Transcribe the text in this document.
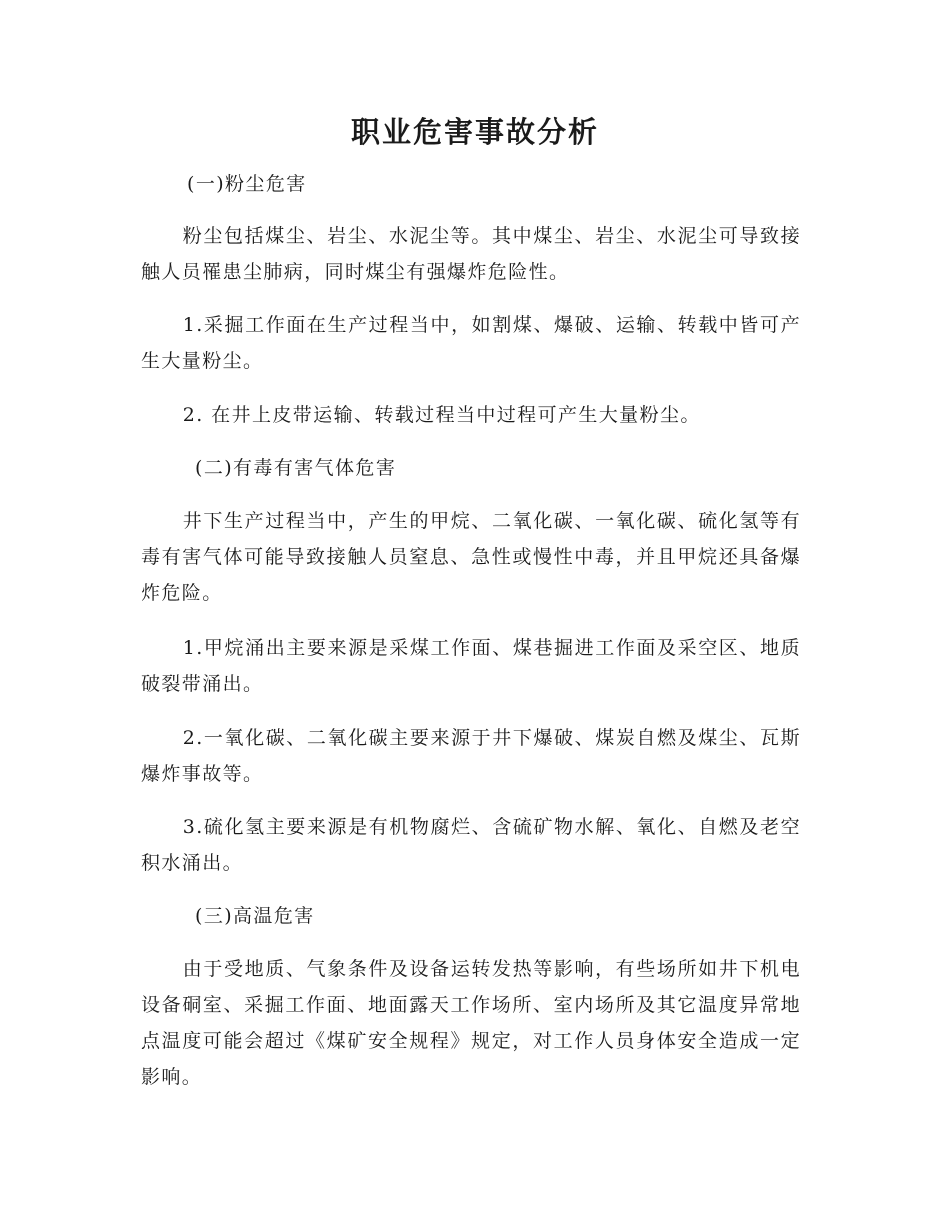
职业危害事故分析
(一)粉尘危害
粉尘包括煤尘、岩尘、水泥尘等。其中煤尘、岩尘、水泥尘可导致接触人员罹患尘肺病，同时煤尘有强爆炸危险性。
1.采掘工作面在生产过程当中，如割煤、爆破、运输、转载中皆可产生大量粉尘。
2. 在井上皮带运输、转载过程当中过程可产生大量粉尘。
(二)有毒有害气体危害
井下生产过程当中，产生的甲烷、二氧化碳、一氧化碳、硫化氢等有毒有害气体可能导致接触人员窒息、急性或慢性中毒，并且甲烷还具备爆炸危险。
1.甲烷涌出主要来源是采煤工作面、煤巷掘进工作面及采空区、地质破裂带涌出。
2.一氧化碳、二氧化碳主要来源于井下爆破、煤炭自燃及煤尘、瓦斯爆炸事故等。
3.硫化氢主要来源是有机物腐烂、含硫矿物水解、氧化、自燃及老空积水涌出。
(三)高温危害
由于受地质、气象条件及设备运转发热等影响，有些场所如井下机电设备硐室、采掘工作面、地面露天工作场所、室内场所及其它温度异常地点温度可能会超过《煤矿安全规程》规定，对工作人员身体安全造成一定影响。
